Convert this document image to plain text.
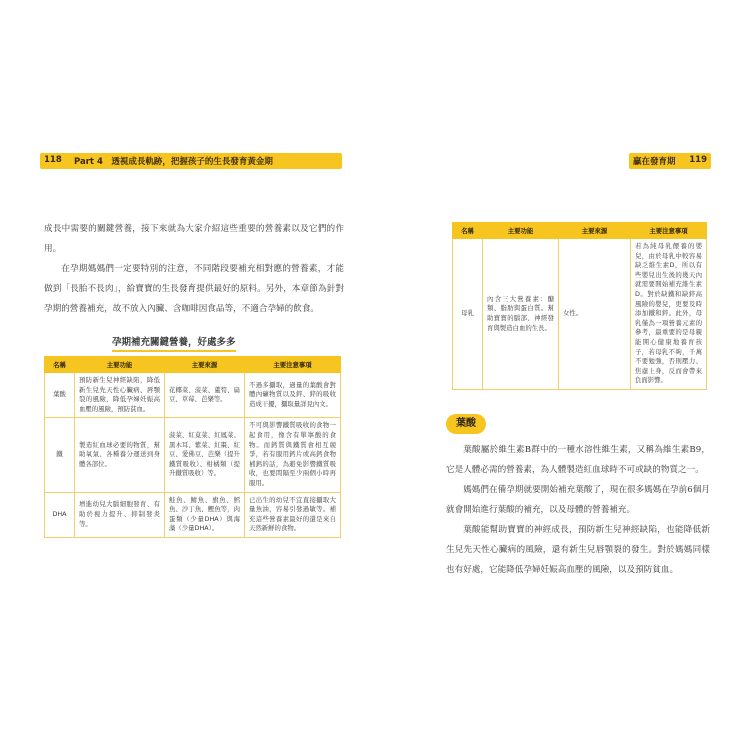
118 Part 4　透視成長軌跡，把握孩子的生長發育黃金期

成長中需要的關鍵營養，接下來就為大家介紹這些重要的營養素以及它們的作用。

在孕期媽媽們一定要特別的注意，不同階段要補充相對應的營養素，才能做到「長胎不長肉」，給寶寶的生長發育提供最好的原料。另外，本章節為針對孕期的營養補充，故不放入內臟、含咖啡因食品等，不適合孕婦的飲食。

孕期補充關鍵營養，好處多多
名稱	主要功能	主要來源	主要注意事項
葉酸	預防新生兒神經缺陷，降低新生兒先天性心臟病、唇顎裂的風險，降低孕婦妊娠高血壓的風險，預防貧血。	花椰菜、菠菜、蘆筍、扁豆、草莓、芭樂等。	不過多攝取，過量的葉酸會對體內礦物質以及鋅、鋅的吸收造成干擾，攝取量詳見內文。
鐵	製造紅血球必要的物質，幫助氧氣、各種養分運送到身體各部位。	菠菜、紅莧菜、紅鳳菜、黑木耳、紫菜、紅棗、紅豆、愛佛豆、芭樂（提升鐵質吸收）、柑橘類（提升鐵質吸收）等。	不可與影響鐵質吸收的食物一起食用，像含有單寧酸的食物。而鈣質與鐵質會相互競爭，若有服用鈣片或高鈣食物補鈣的話，為避免影響鐵質吸收，也要間隔至少兩個小時再服用。
DHA	增進幼兒大腦細胞發育、有助於視力提升、抑制發炎等。	鮭魚、鯖魚、旗魚、鱈魚、沙丁魚、鰹魚等，肉蛋類（少量DHA）與海藻（少量DHA）。	已出生的幼兒不宜直接攝取大量魚油，容易引發過敏等。補充這些營養素最好的還是來自天然新鮮的食物。
贏在發育期 119
名稱	主要功能	主要來源	主要注意事項
母乳	內含三大營養素：醣類、脂肪與蛋白質。幫助寶寶的腦部、神經發育與製造白血的生長。	女性。	若為純母乳餵養的嬰兒，由於母乳中較容易缺乏維生素D，所以有些嬰兒出生後的幾天內就需要開始補充維生素D。對於缺鐵和缺鋅高風險的嬰兒，更要及時添加鐵和鋅。此外，母乳僅為一項營養元素的參考，最重要的是母親能開心健康地養育孩子，若母乳不夠，千萬不要勉強，否則壓力、焦慮上身，反而會帶來負面影響。
葉酸

葉酸屬於維生素B群中的一種水溶性維生素，又稱為維生素B9，它是人體必需的營養素，為人體製造紅血球時不可或缺的物質之一。

媽媽們在備孕期就要開始補充葉酸了，現在很多媽媽在孕前6個月就會開始進行葉酸的補充，以及母體的營養補充。

葉酸能幫助寶寶的神經成長，預防新生兒神經缺陷，也能降低新生兒先天性心臟病的風險，還有新生兒唇顎裂的發生。對於媽媽同樣也有好處，它能降低孕婦妊娠高血壓的風險，以及預防貧血。
